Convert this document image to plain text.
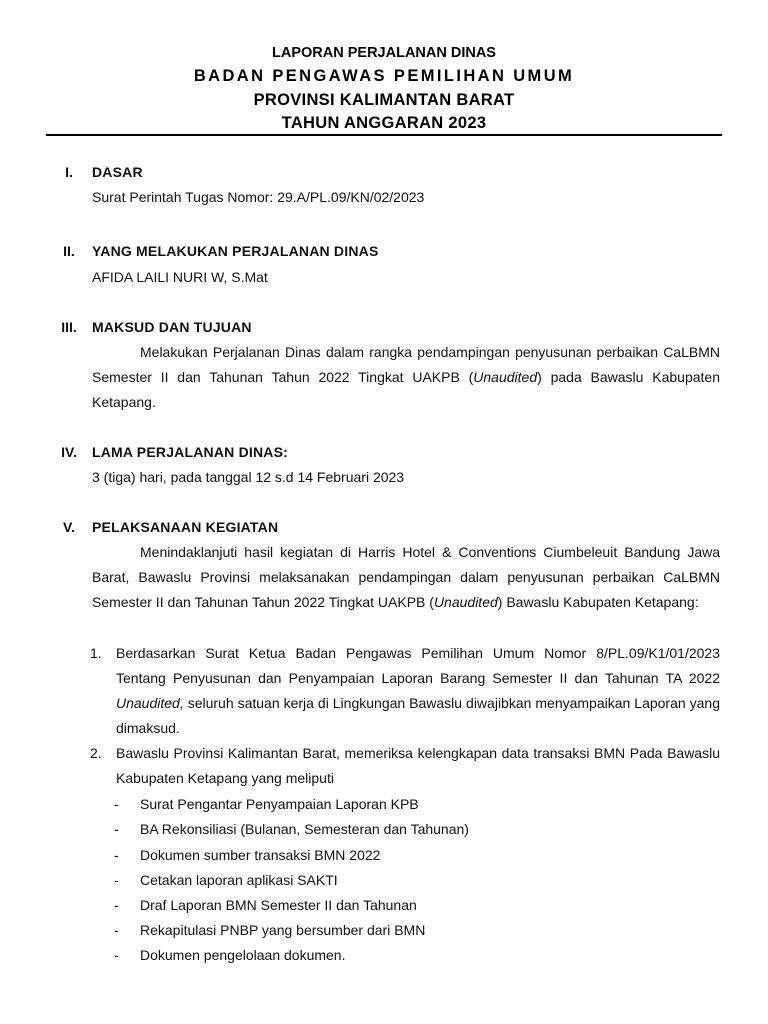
LAPORAN PERJALANAN DINAS
BADAN PENGAWAS PEMILIHAN UMUM
PROVINSI KALIMANTAN BARAT
TAHUN ANGGARAN 2023
I.	DASAR
Surat Perintah Tugas Nomor: 29.A/PL.09/KN/02/2023
II.	YANG MELAKUKAN PERJALANAN DINAS
AFIDA LAILI NURI W, S.Mat
III.	MAKSUD DAN TUJUAN

Melakukan Perjalanan Dinas dalam rangka pendampingan penyusunan perbaikan CaLBMN Semester II dan Tahunan Tahun 2022 Tingkat UAKPB (Unaudited) pada Bawaslu Kabupaten Ketapang.

IV.	LAMA PERJALANAN DINAS:
3 (tiga) hari, pada tanggal 12 s.d 14 Februari 2023
V.	PELAKSANAAN KEGIATAN

Menindaklanjuti hasil kegiatan di Harris Hotel & Conventions Ciumbeleuit Bandung Jawa Barat, Bawaslu Provinsi melaksanakan pendampingan dalam penyusunan perbaikan CaLBMN Semester II dan Tahunan Tahun 2022 Tingkat UAKPB (Unaudited) Bawaslu Kabupaten Ketapang:

1.	Berdasarkan Surat Ketua Badan Pengawas Pemilihan Umum Nomor 8/PL.09/K1/01/2023 Tentang Penyusunan dan Penyampaian Laporan Barang Semester II dan Tahunan TA 2022 Unaudited, seluruh satuan kerja di Lingkungan Bawaslu diwajibkan menyampaikan Laporan yang dimaksud.
2.	Bawaslu Provinsi Kalimantan Barat, memeriksa kelengkapan data transaksi BMN Pada Bawaslu Kabupaten Ketapang yang meliputi
- Surat Pengantar Penyampaian Laporan KPB
- BA Rekonsiliasi (Bulanan, Semesteran dan Tahunan)
- Dokumen sumber transaksi BMN 2022
- Cetakan laporan aplikasi SAKTI
- Draf Laporan BMN Semester II dan Tahunan
- Rekapitulasi PNBP yang bersumber dari BMN
- Dokumen pengelolaan dokumen.
